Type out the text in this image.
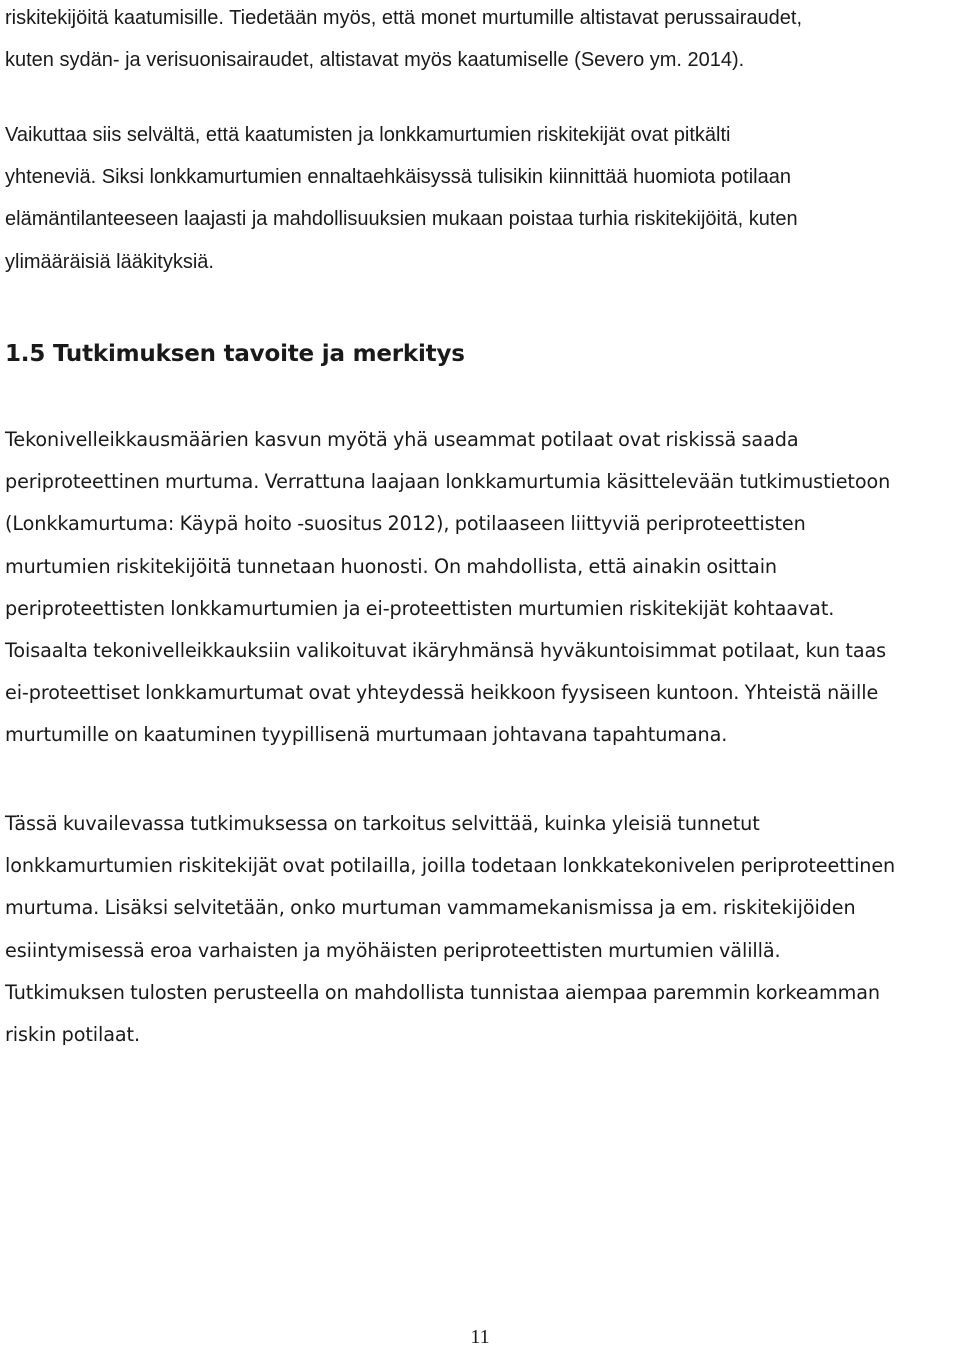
riskitekijöitä kaatumisille. Tiedetään myös, että monet murtumille altistavat perussairaudet,
kuten sydän- ja verisuonisairaudet, altistavat myös kaatumiselle (Severo ym. 2014).

Vaikuttaa siis selvältä, että kaatumisten ja lonkkamurtumien riskitekijät ovat pitkälti
yhteneviä. Siksi lonkkamurtumien ennaltaehkäisyssä tulisikin kiinnittää huomiota potilaan
elämäntilanteeseen laajasti ja mahdollisuuksien mukaan poistaa turhia riskitekijöitä, kuten
ylimääräisiä lääkityksiä.

1.5 Tutkimuksen tavoite ja merkitys

Tekonivelleikkausmäärien kasvun myötä yhä useammat potilaat ovat riskissä saada
periproteettinen murtuma. Verrattuna laajaan lonkkamurtumia käsittelevään tutkimustietoon
(Lonkkamurtuma: Käypä hoito -suositus 2012), potilaaseen liittyviä periproteettisten
murtumien riskitekijöitä tunnetaan huonosti. On mahdollista, että ainakin osittain
periproteettisten lonkkamurtumien ja ei-proteettisten murtumien riskitekijät kohtaavat.
Toisaalta tekonivelleikkauksiin valikoituvat ikäryhmänsä hyväkuntoisimmat potilaat, kun taas
ei-proteettiset lonkkamurtumat ovat yhteydessä heikkoon fyysiseen kuntoon. Yhteistä näille
murtumille on kaatuminen tyypillisenä murtumaan johtavana tapahtumana.

Tässä kuvailevassa tutkimuksessa on tarkoitus selvittää, kuinka yleisiä tunnetut
lonkkamurtumien riskitekijät ovat potilailla, joilla todetaan lonkkatekonivelen periproteettinen
murtuma. Lisäksi selvitetään, onko murtuman vammamekanismissa ja em. riskitekijöiden
esiintymisessä eroa varhaisten ja myöhäisten periproteettisten murtumien välillä.
Tutkimuksen tulosten perusteella on mahdollista tunnistaa aiempaa paremmin korkeamman
riskin potilaat.

11
